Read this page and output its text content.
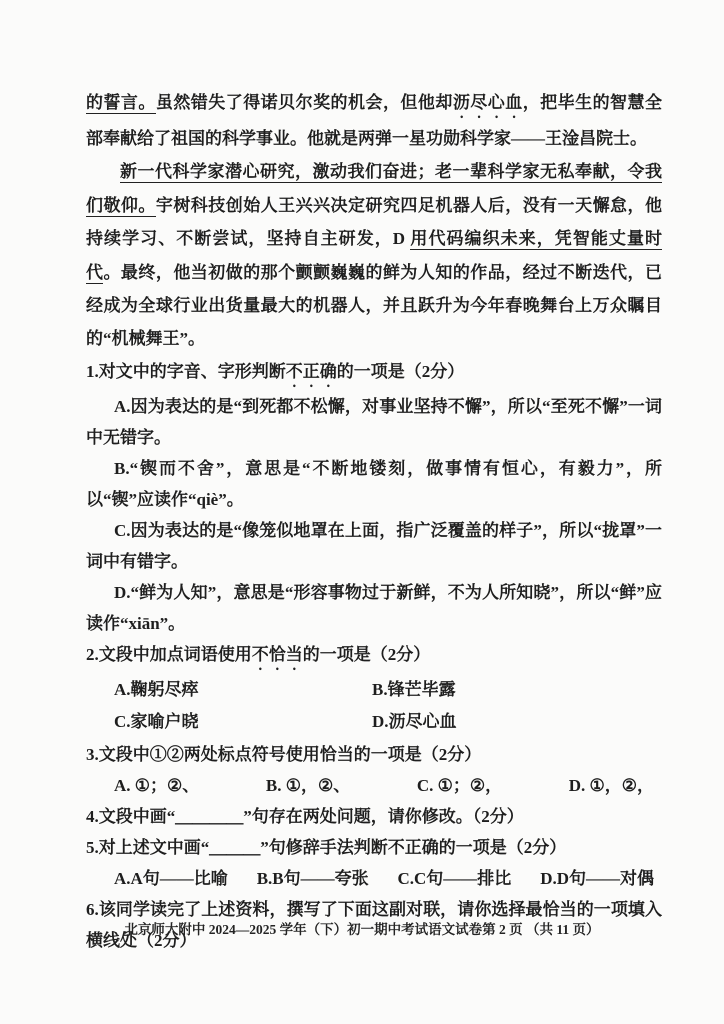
的誓言。虽然错失了得诺贝尔奖的机会，但他却沥尽心血，把毕生的智慧全部奉献给了祖国的科学事业。他就是两弹一星功勋科学家——王淦昌院士。

新一代科学家潜心研究，激动我们奋进；老一辈科学家无私奉献，令我们敬仰。宇树科技创始人王兴兴决定研究四足机器人后，没有一天懈怠，他持续学习、不断尝试，坚持自主研发，D 用代码编织未来，凭智能丈量时代。最终，他当初做的那个颤颤巍巍的鲜为人知的作品，经过不断迭代，已经成为全球行业出货量最大的机器人，并且跃升为今年春晚舞台上万众瞩目的“机械舞王”。

1.对文中的字音、字形判断不正确的一项是（2分）

A.因为表达的是“到死都不松懈，对事业坚持不懈”，所以“至死不懈”一词中无错字。

B.“锲而不舍”，意思是“不断地镂刻，做事情有恒心，有毅力”，所以“锲”应读作“qiè”。

C.因为表达的是“像笼似地罩在上面，指广泛覆盖的样子”，所以“拢罩”一词中有错字。

D.“鲜为人知”，意思是“形容事物过于新鲜，不为人所知晓”，所以“鲜”应读作“xiān”。

2.文段中加点词语使用不恰当的一项是（2分）

A.鞠躬尽瘁	B.锋芒毕露
C.家喻户晓	D.沥尽心血

3.文段中①②两处标点符号使用恰当的一项是（2分）

A. ①；②、	B. ①，②、	C. ①；②，	D. ①，②，

4.文段中画“＿＿＿＿”句存在两处问题，请你修改。（2分）

5.对上述文中画“＿＿＿”句修辞手法判断不正确的一项是（2分）

A.A句——比喻 B.B句——夸张 C.C句——排比 D.D句——对偶

6.该同学读完了上述资料，撰写了下面这副对联，请你选择最恰当的一项填入横线处（2分）

北京师大附中 2024—2025 学年（下）初一期中考试语文试卷第 2 页 （共 11 页）
